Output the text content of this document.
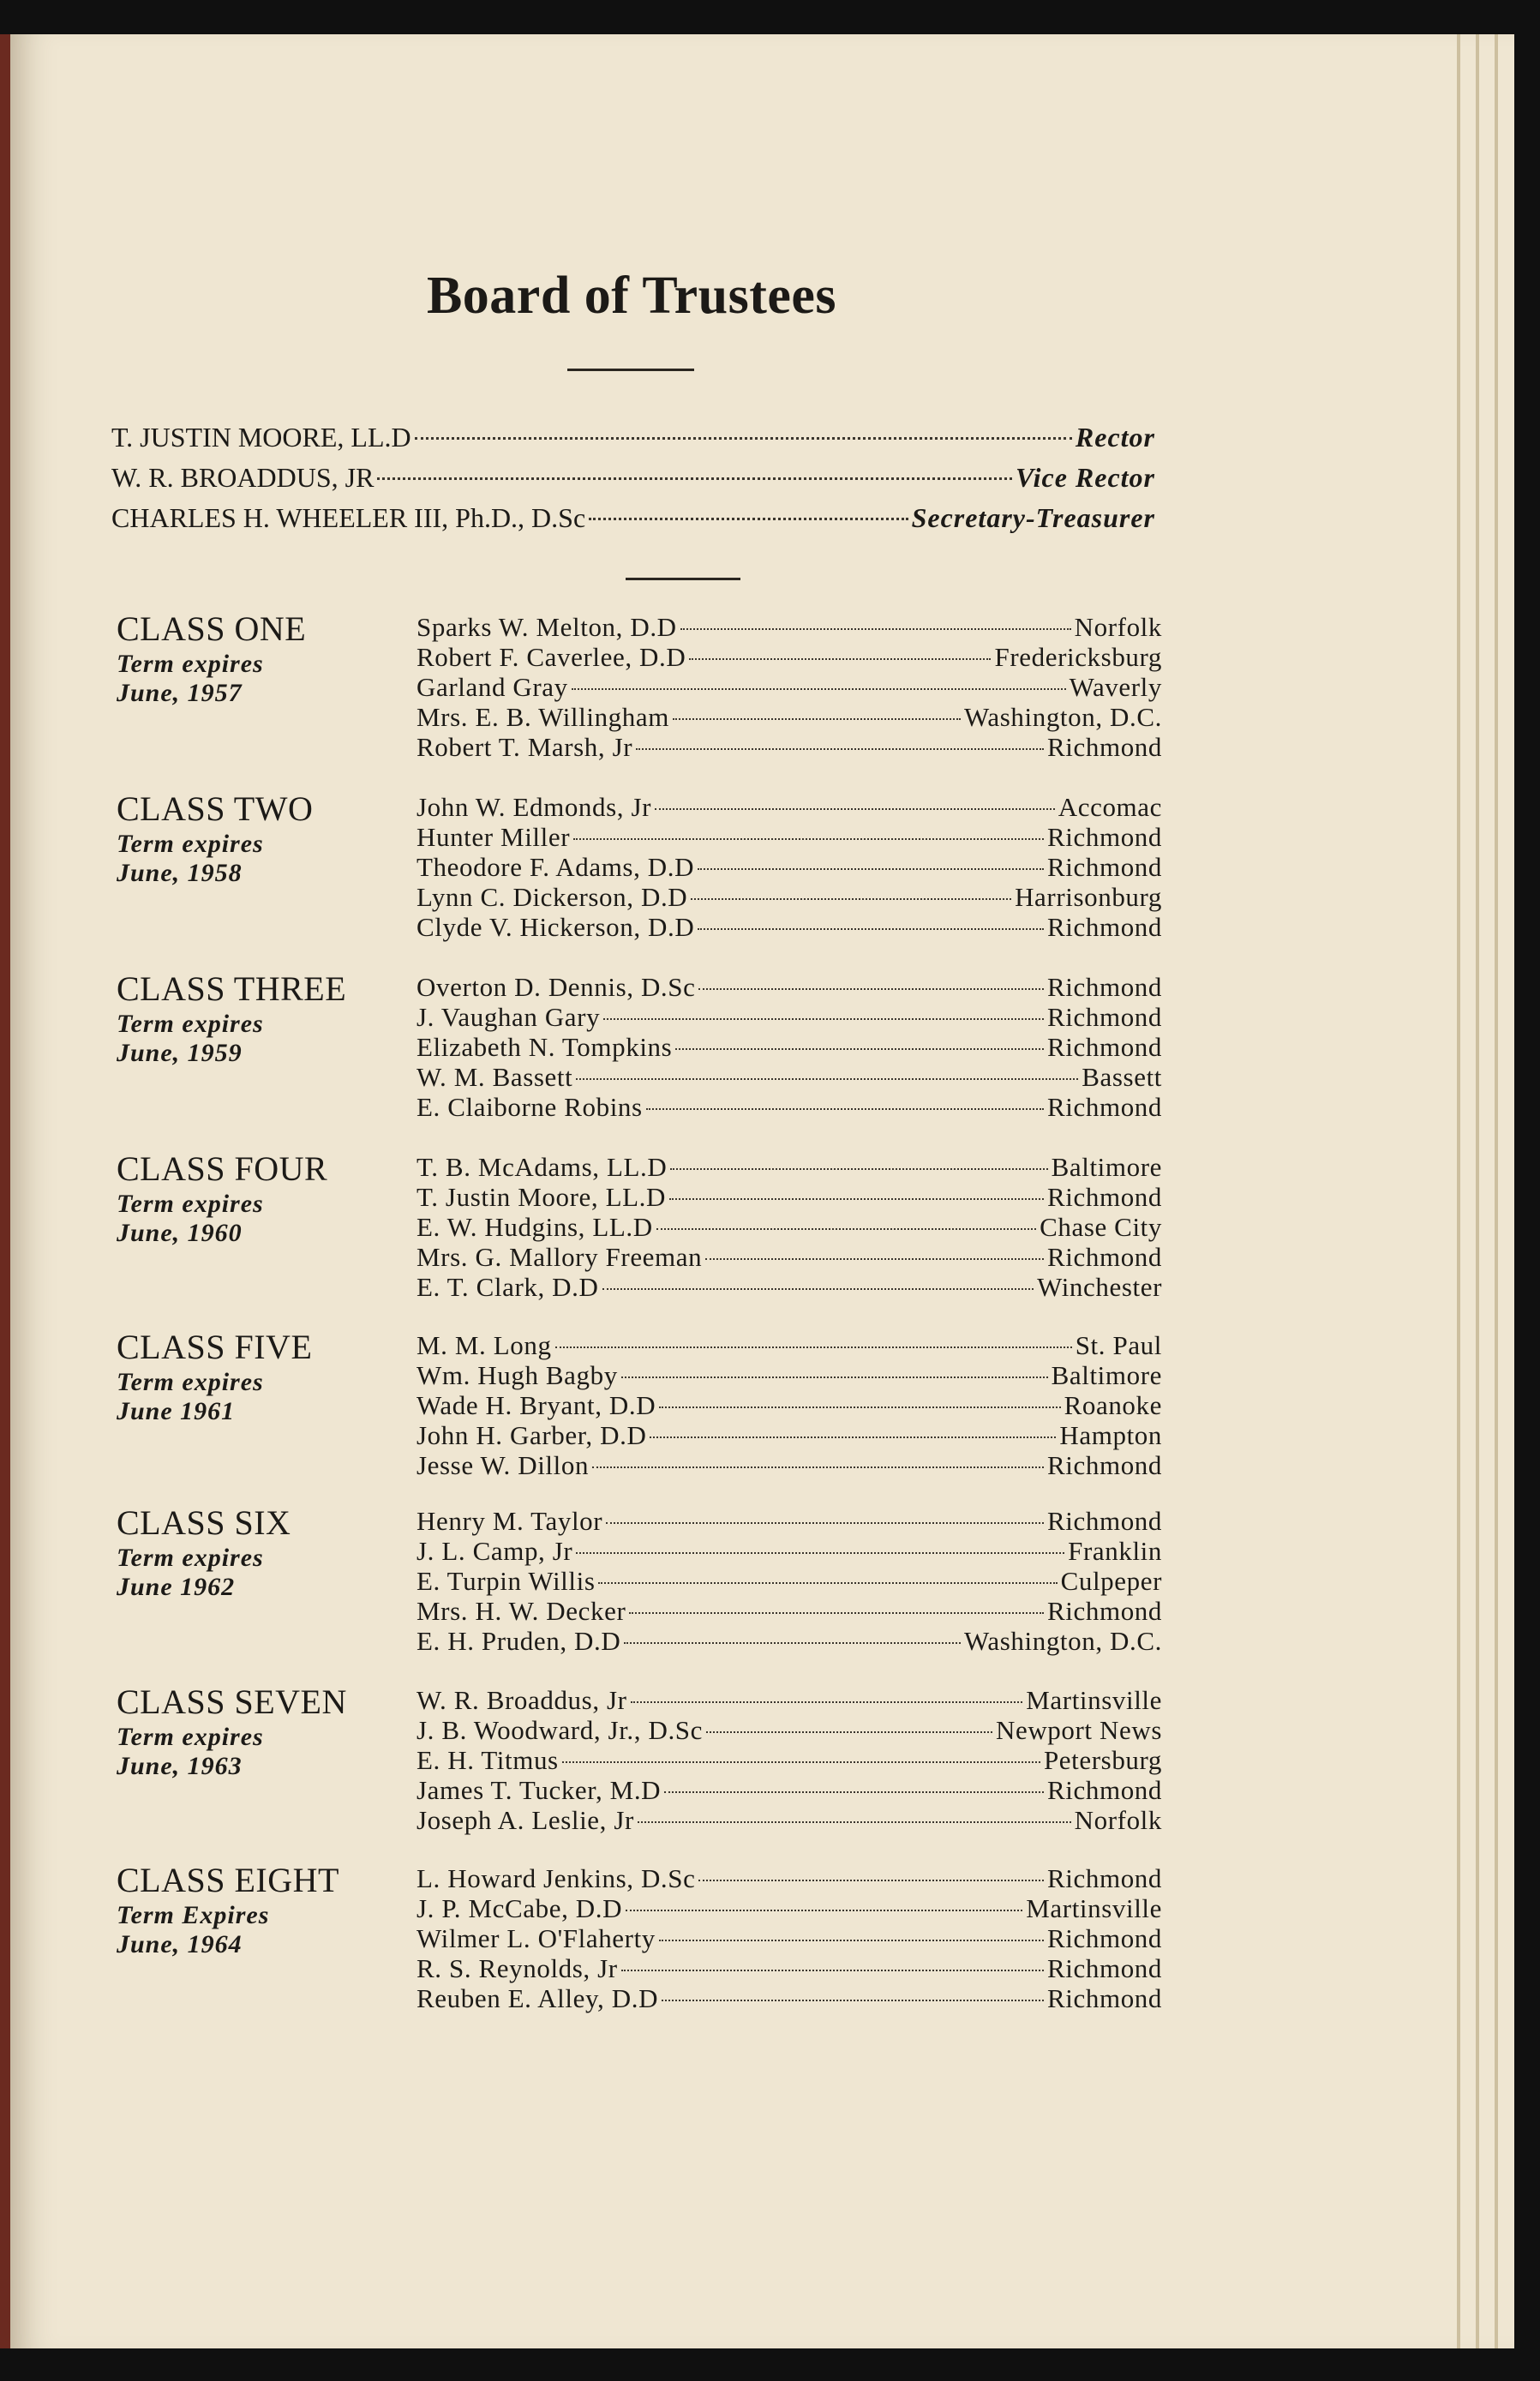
Board of Trustees
T. JUSTIN MOORE, LL.D	Rector
W. R. BROADDUS, JR	Vice Rector
CHARLES H. WHEELER III, Ph.D., D.Sc	Secretary-Treasurer
CLASS ONE
Term expires
June, 1957
Sparks W. Melton, D.D	Norfolk
Robert F. Caverlee, D.D	Fredericksburg
Garland Gray	Waverly
Mrs. E. B. Willingham	Washington, D.C.
Robert T. Marsh, Jr	Richmond
CLASS TWO
Term expires
June, 1958
John W. Edmonds, Jr	Accomac
Hunter Miller	Richmond
Theodore F. Adams, D.D	Richmond
Lynn C. Dickerson, D.D	Harrisonburg
Clyde V. Hickerson, D.D	Richmond
CLASS THREE
Term expires
June, 1959
Overton D. Dennis, D.Sc	Richmond
J. Vaughan Gary	Richmond
Elizabeth N. Tompkins	Richmond
W. M. Bassett	Bassett
E. Claiborne Robins	Richmond
CLASS FOUR
Term expires
June, 1960
T. B. McAdams, LL.D	Baltimore
T. Justin Moore, LL.D	Richmond
E. W. Hudgins, LL.D	Chase City
Mrs. G. Mallory Freeman	Richmond
E. T. Clark, D.D	Winchester
CLASS FIVE
Term expires
June 1961
M. M. Long	St. Paul
Wm. Hugh Bagby	Baltimore
Wade H. Bryant, D.D	Roanoke
John H. Garber, D.D	Hampton
Jesse W. Dillon	Richmond
CLASS SIX
Term expires
June 1962
Henry M. Taylor	Richmond
J. L. Camp, Jr	Franklin
E. Turpin Willis	Culpeper
Mrs. H. W. Decker	Richmond
E. H. Pruden, D.D	Washington, D.C.
CLASS SEVEN
Term expires
June, 1963
W. R. Broaddus, Jr	Martinsville
J. B. Woodward, Jr., D.Sc	Newport News
E. H. Titmus	Petersburg
James T. Tucker, M.D	Richmond
Joseph A. Leslie, Jr	Norfolk
CLASS EIGHT
Term Expires
June, 1964
L. Howard Jenkins, D.Sc	Richmond
J. P. McCabe, D.D	Martinsville
Wilmer L. O'Flaherty	Richmond
R. S. Reynolds, Jr	Richmond
Reuben E. Alley, D.D	Richmond
